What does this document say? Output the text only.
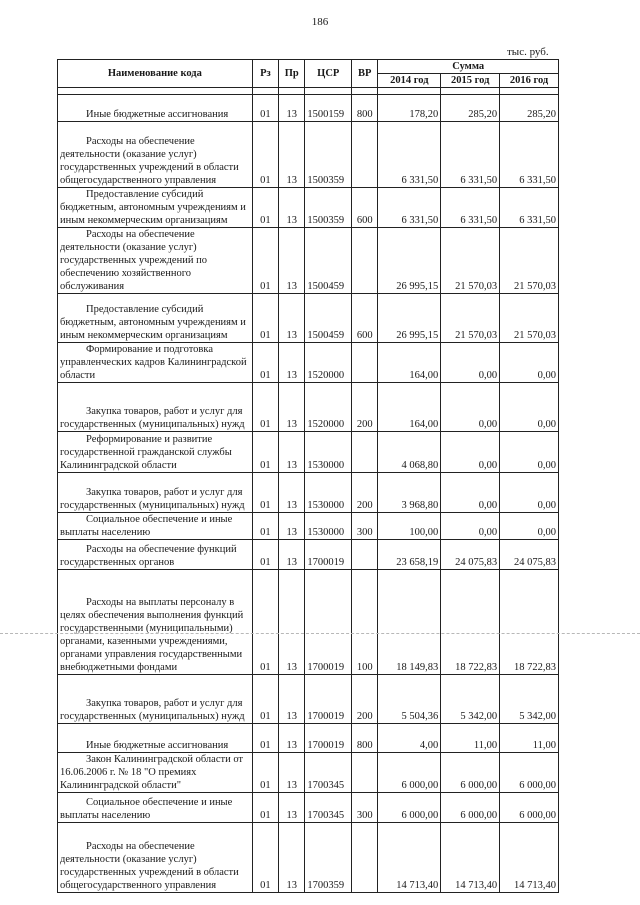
186
тыс. руб.
Наименование кода	Рз	Пр	ЦСР	ВР	Сумма		
					2014 год	2015 год	2016 год

Иные бюджетные ассигнования	01	13	1500159	800	178,20	285,20	285,20
Расходы на обеспечение деятельности (оказание услуг) государственных учреждений в области общегосударственного управления	01	13	1500359		6 331,50	6 331,50	6 331,50
Предоставление субсидий бюджетным, автономным учреждениям и иным некоммерческим организациям	01	13	1500359	600	6 331,50	6 331,50	6 331,50
Расходы на обеспечение деятельности (оказание услуг) государственных учреждений по обеспечению хозяйственного обслуживания	01	13	1500459		26 995,15	21 570,03	21 570,03
Предоставление субсидий бюджетным, автономным учреждениям и иным некоммерческим организациям	01	13	1500459	600	26 995,15	21 570,03	21 570,03
Формирование и подготовка управленческих кадров Калининградской области	01	13	1520000		164,00	0,00	0,00
Закупка товаров, работ и услуг для государственных (муниципальных) нужд	01	13	1520000	200	164,00	0,00	0,00
Реформирование и развитие государственной гражданской службы Калининградской области	01	13	1530000		4 068,80	0,00	0,00
Закупка товаров, работ и услуг для государственных (муниципальных) нужд	01	13	1530000	200	3 968,80	0,00	0,00
Социальное обеспечение и иные выплаты населению	01	13	1530000	300	100,00	0,00	0,00
Расходы на обеспечение функций государственных органов	01	13	1700019		23 658,19	24 075,83	24 075,83
Расходы на выплаты персоналу в целях обеспечения выполнения функций государственными (муниципальными) органами, казенными учреждениями, органами управления государственными внебюджетными фондами	01	13	1700019	100	18 149,83	18 722,83	18 722,83
Закупка товаров, работ и услуг для государственных (муниципальных) нужд	01	13	1700019	200	5 504,36	5 342,00	5 342,00
Иные бюджетные ассигнования	01	13	1700019	800	4,00	11,00	11,00
Закон Калининградской области от 16.06.2006 г. № 18 "О премиях Калининградской области"	01	13	1700345		6 000,00	6 000,00	6 000,00
Социальное обеспечение и иные выплаты населению	01	13	1700345	300	6 000,00	6 000,00	6 000,00
Расходы на обеспечение деятельности (оказание услуг) государственных учреждений в области общегосударственного управления	01	13	1700359		14 713,40	14 713,40	14 713,40
